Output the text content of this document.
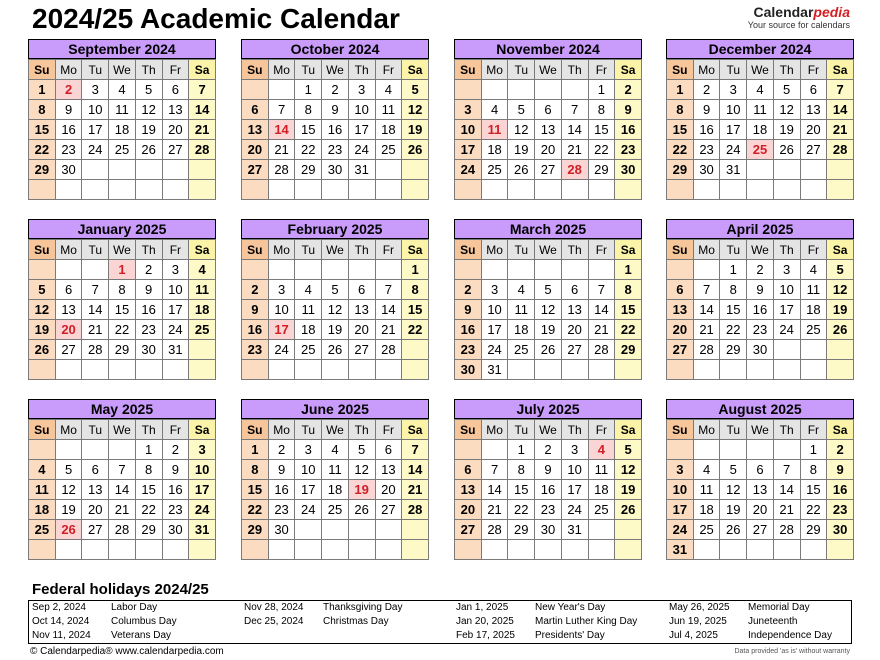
2024/25 Academic Calendar	Calendarpedia
Your source for calendars
September 2024
Su	Mo	Tu	We	Th	Fr	Sa
1	2	3	4	5	6	7
8	9	10	11	12	13	14
15	16	17	18	19	20	21
22	23	24	25	26	27	28
29	30					

October 2024
Su	Mo	Tu	We	Th	Fr	Sa
		1	2	3	4	5
6	7	8	9	10	11	12
13	14	15	16	17	18	19
20	21	22	23	24	25	26
27	28	29	30	31		

November 2024
Su	Mo	Tu	We	Th	Fr	Sa
					1	2
3	4	5	6	7	8	9
10	11	12	13	14	15	16
17	18	19	20	21	22	23
24	25	26	27	28	29	30

December 2024
Su	Mo	Tu	We	Th	Fr	Sa
1	2	3	4	5	6	7
8	9	10	11	12	13	14
15	16	17	18	19	20	21
22	23	24	25	26	27	28
29	30	31				

January 2025
Su	Mo	Tu	We	Th	Fr	Sa
			1	2	3	4
5	6	7	8	9	10	11
12	13	14	15	16	17	18
19	20	21	22	23	24	25
26	27	28	29	30	31	

February 2025
Su	Mo	Tu	We	Th	Fr	Sa
						1
2	3	4	5	6	7	8
9	10	11	12	13	14	15
16	17	18	19	20	21	22
23	24	25	26	27	28	

March 2025
Su	Mo	Tu	We	Th	Fr	Sa
						1
2	3	4	5	6	7	8
9	10	11	12	13	14	15
16	17	18	19	20	21	22
23	24	25	26	27	28	29
30	31					
April 2025
Su	Mo	Tu	We	Th	Fr	Sa
		1	2	3	4	5
6	7	8	9	10	11	12
13	14	15	16	17	18	19
20	21	22	23	24	25	26
27	28	29	30			

May 2025
Su	Mo	Tu	We	Th	Fr	Sa
				1	2	3
4	5	6	7	8	9	10
11	12	13	14	15	16	17
18	19	20	21	22	23	24
25	26	27	28	29	30	31

June 2025
Su	Mo	Tu	We	Th	Fr	Sa
1	2	3	4	5	6	7
8	9	10	11	12	13	14
15	16	17	18	19	20	21
22	23	24	25	26	27	28
29	30					

July 2025
Su	Mo	Tu	We	Th	Fr	Sa
		1	2	3	4	5
6	7	8	9	10	11	12
13	14	15	16	17	18	19
20	21	22	23	24	25	26
27	28	29	30	31		

August 2025
Su	Mo	Tu	We	Th	Fr	Sa
					1	2
3	4	5	6	7	8	9
10	11	12	13	14	15	16
17	18	19	20	21	22	23
24	25	26	27	28	29	30
31						
Federal holidays 2024/25
Sep 2, 2024	Labor Day
Oct 14, 2024 Columbus Day
Nov 11, 2024 Veterans Day
Nov 28, 2024 Thanksgiving Day
Dec 25, 2024 Christmas Day
Jan 1, 2025	New Year's Day
Jan 20, 2025 Martin Luther King Day
Feb 17, 2025 Presidents' Day
May 26, 2025 Memorial Day
Jun 19, 2025 Juneteenth
Jul 4, 2025	Independence Day
© Calendarpedia® www.calendarpedia.com	Data provided 'as is' without warranty
